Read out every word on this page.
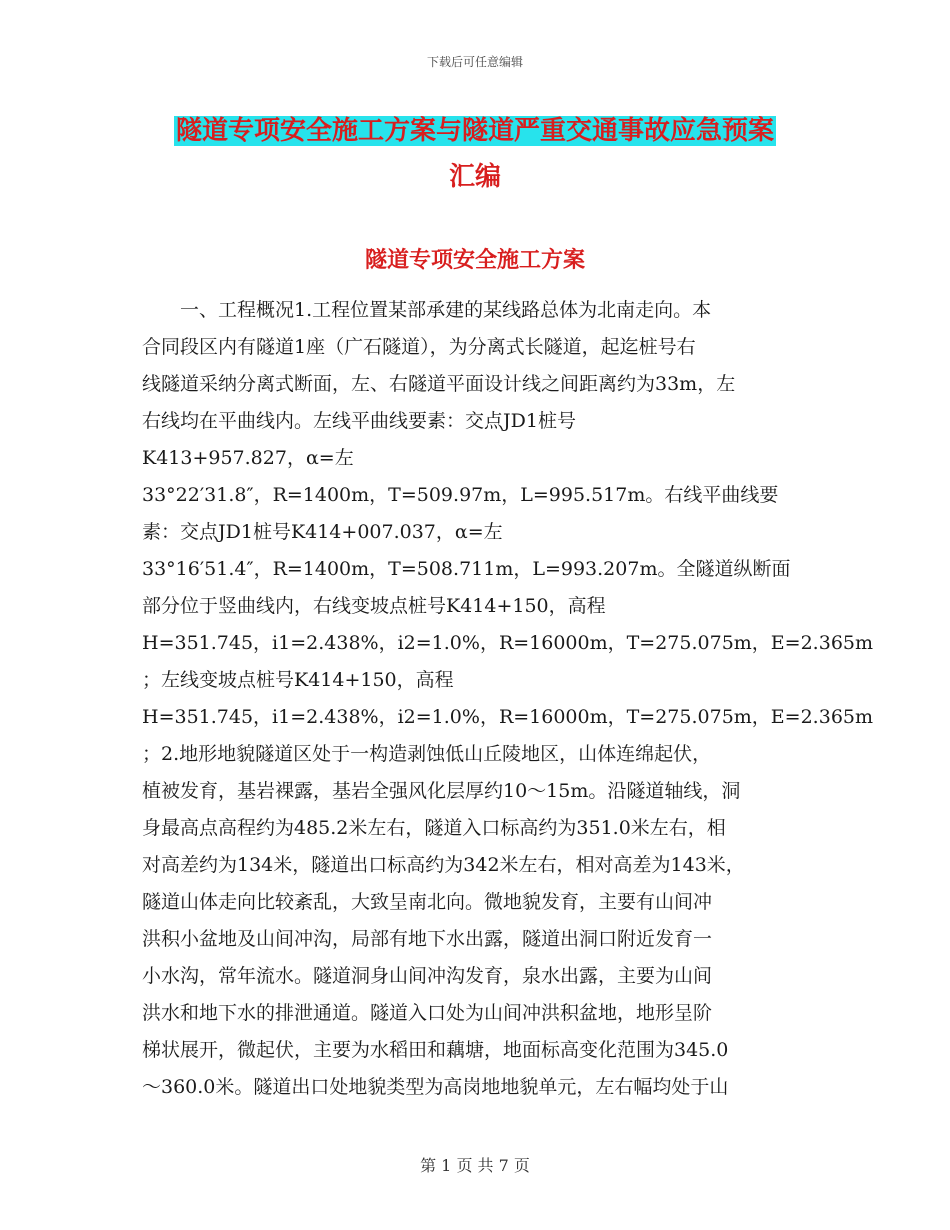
下载后可任意编辑
隧道专项安全施工方案与隧道严重交通事故应急预案
汇编
隧道专项安全施工方案
　　一、工程概况1.工程位置某部承建的某线路总体为北南走向。本
合同段区内有隧道1座（广石隧道），为分离式长隧道，起迄桩号右
线隧道采纳分离式断面，左、右隧道平面设计线之间距离约为33m，左
右线均在平曲线内。左线平曲线要素：交点JD1桩号
K413+957.827，α=左
33°22′31.8″，R=1400m，T=509.97m，L=995.517m。右线平曲线要
素：交点JD1桩号K414+007.037，α=左
33°16′51.4″，R=1400m，T=508.711m，L=993.207m。全隧道纵断面
部分位于竖曲线内，右线变坡点桩号K414+150，高程
H=351.745，i1=2.438%，i2=1.0%，R=16000m，T=275.075m，E=2.365m
；左线变坡点桩号K414+150，高程
H=351.745，i1=2.438%，i2=1.0%，R=16000m，T=275.075m，E=2.365m
；2.地形地貌隧道区处于一构造剥蚀低山丘陵地区，山体连绵起伏，
植被发育，基岩裸露，基岩全强风化层厚约10～15m。沿隧道轴线，洞
身最高点高程约为485.2米左右，隧道入口标高约为351.0米左右，相
对高差约为134米，隧道出口标高约为342米左右，相对高差为143米，
隧道山体走向比较紊乱，大致呈南北向。微地貌发育，主要有山间冲
洪积小盆地及山间冲沟，局部有地下水出露，隧道出洞口附近发育一
小水沟，常年流水。隧道洞身山间冲沟发育，泉水出露，主要为山间
洪水和地下水的排泄通道。隧道入口处为山间冲洪积盆地，地形呈阶
梯状展开，微起伏，主要为水稻田和藕塘，地面标高变化范围为345.0
～360.0米。隧道出口处地貌类型为高岗地地貌单元，左右幅均处于山
第 1 页 共 7 页
